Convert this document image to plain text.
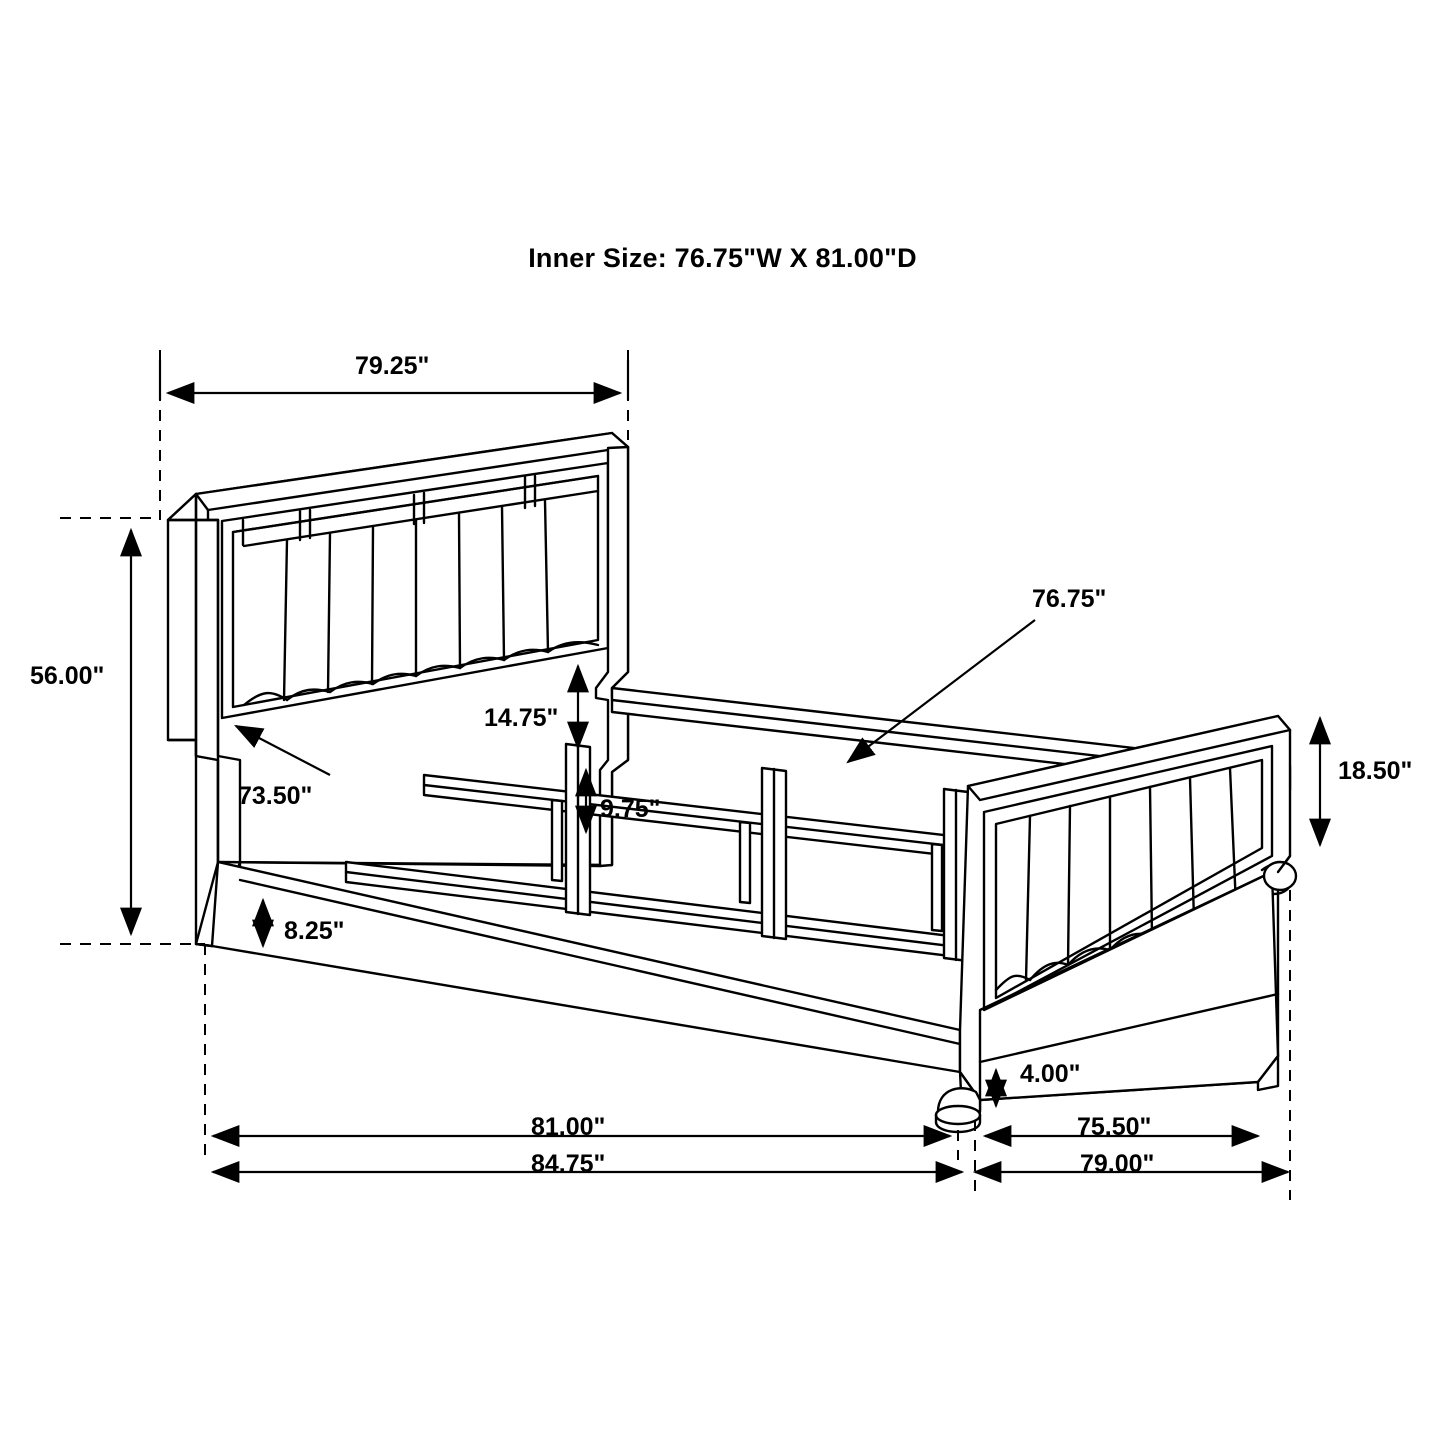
Inner Size: 76.75"W X 81.00"D
79.25"
56.00"
76.75"
14.75"
73.50"	9.75"
18.50"
8.25"
4.00"
81.00"
84.75"
75.50"
79.00"
